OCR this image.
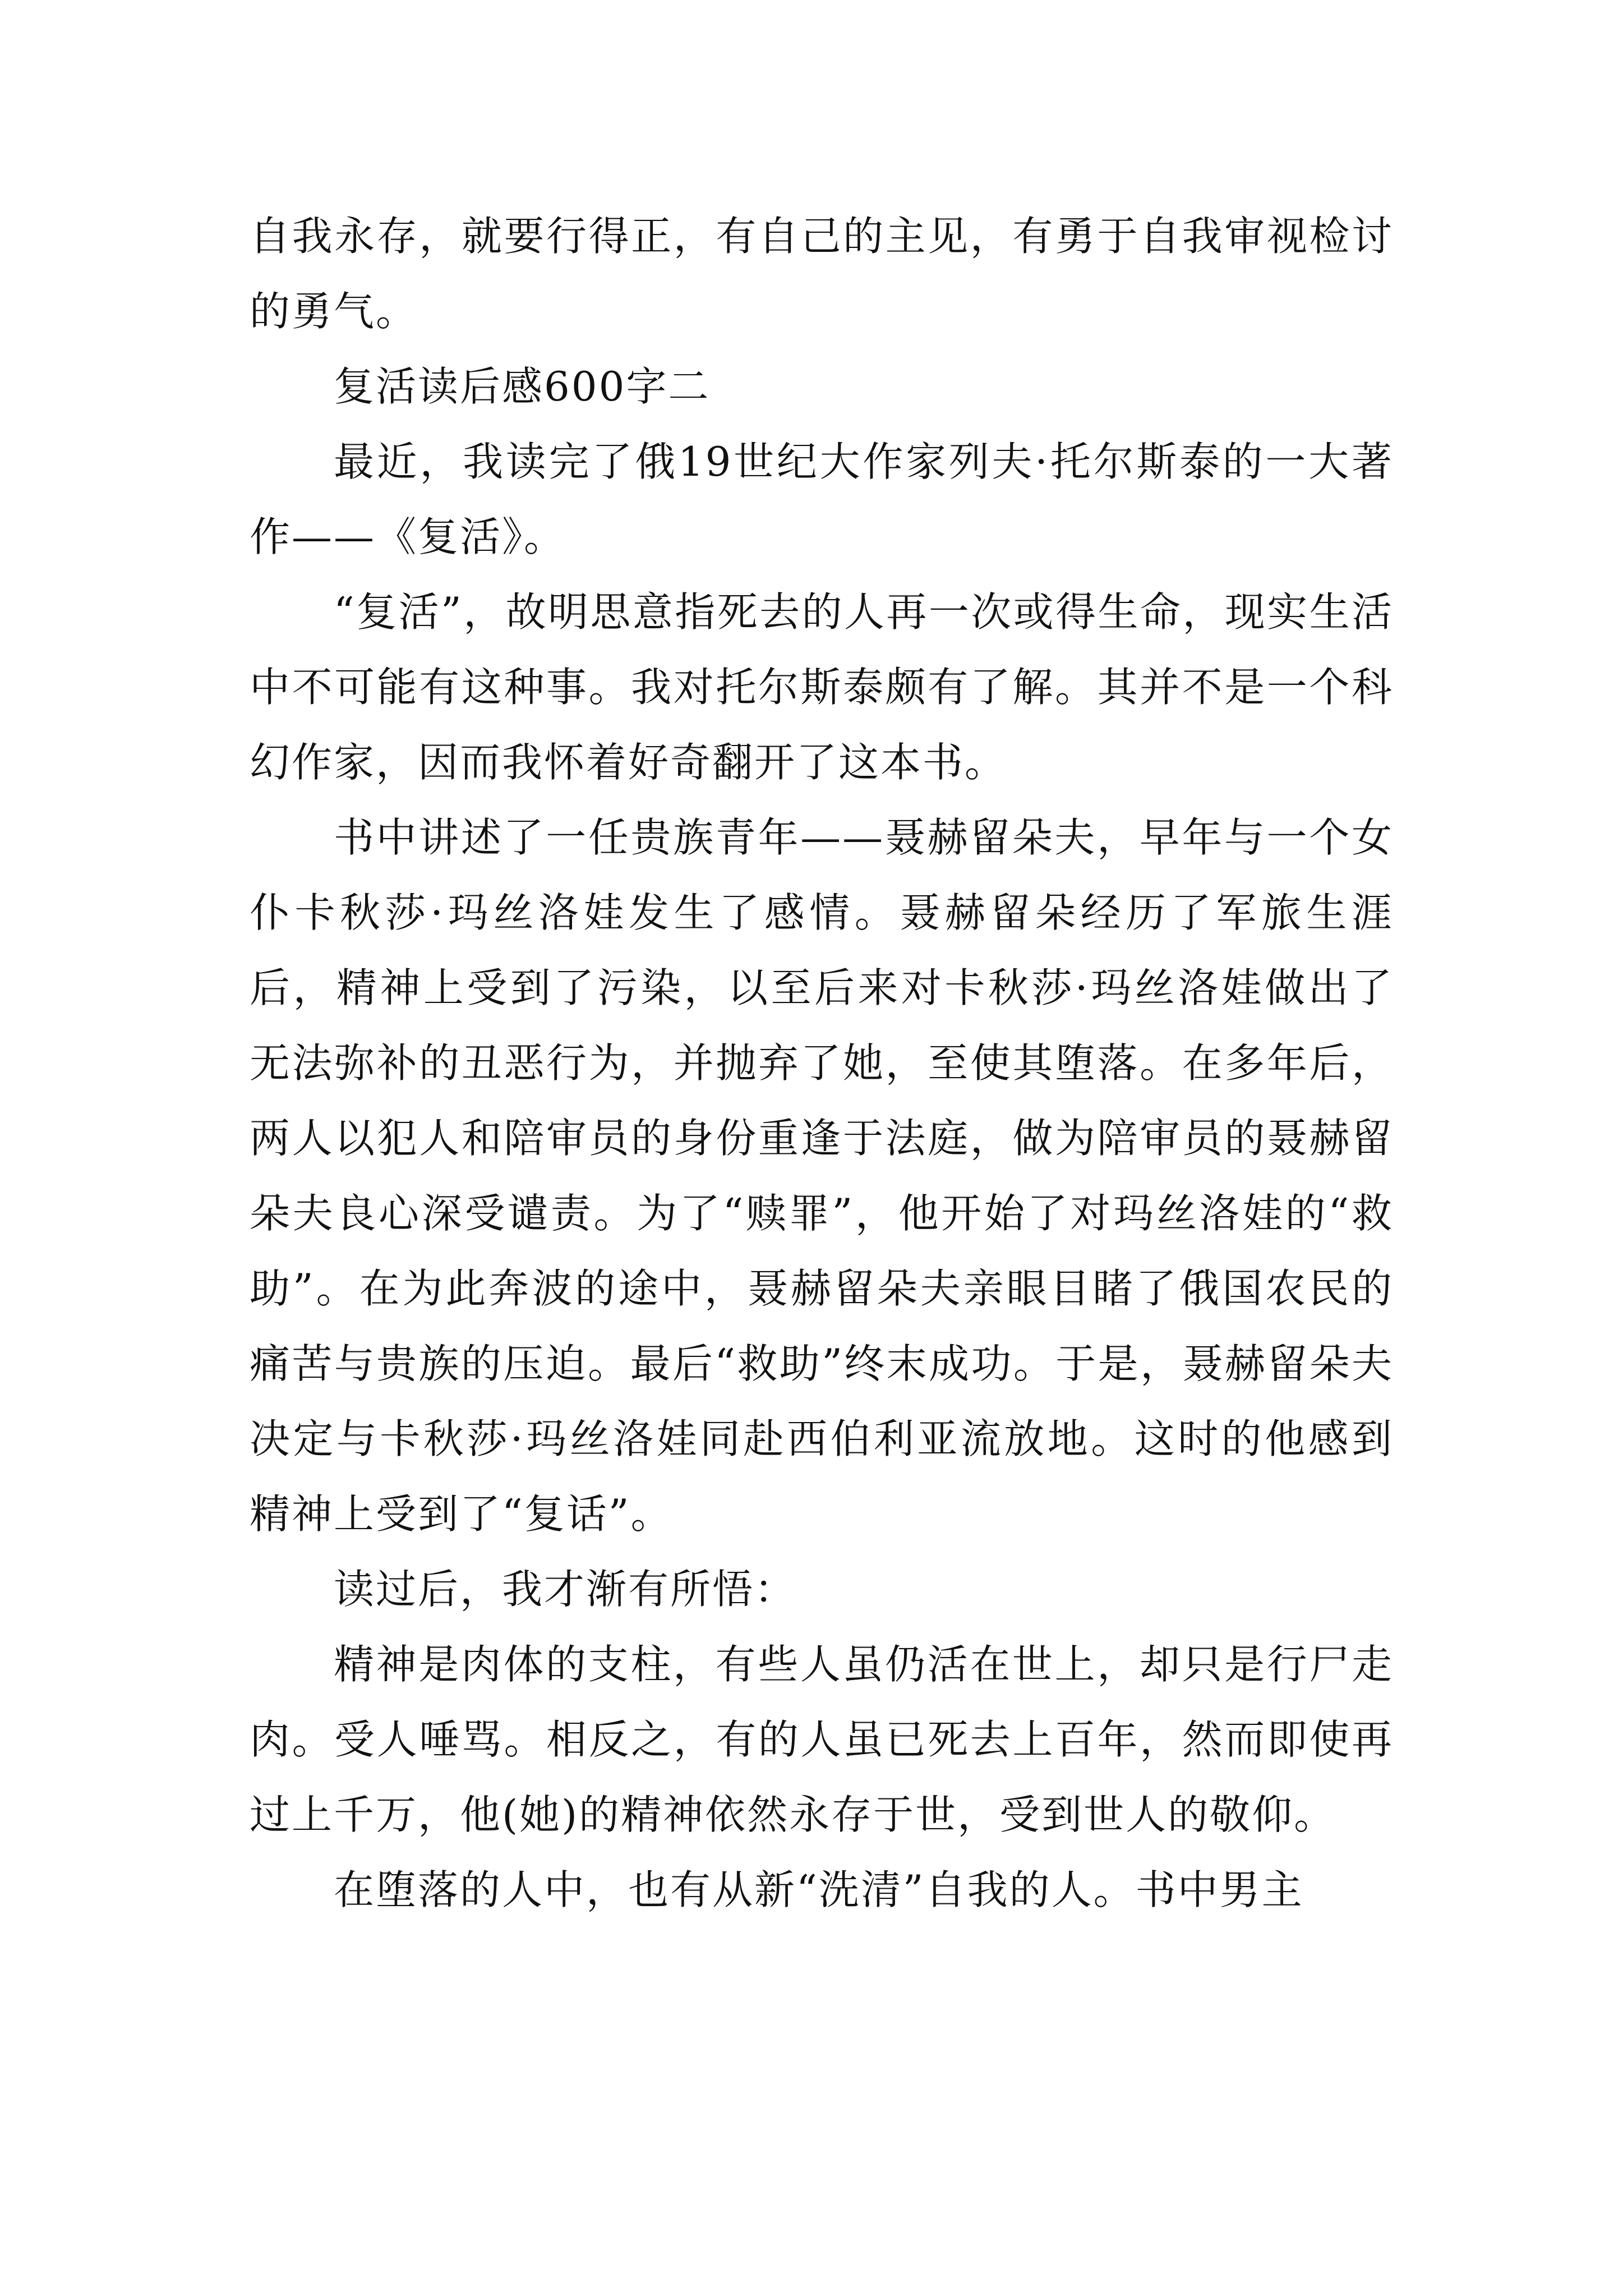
自我永存，就要行得正，有自己的主见，有勇于自我审视检讨的勇气。

复活读后感600字二

最近，我读完了俄19世纪大作家列夫·托尔斯泰的一大著作——《复活》。

“复活”，故明思意指死去的人再一次或得生命，现实生活中不可能有这种事。我对托尔斯泰颇有了解。其并不是一个科幻作家，因而我怀着好奇翻开了这本书。

书中讲述了一任贵族青年——聂赫留朵夫，早年与一个女仆卡秋莎·玛丝洛娃发生了感情。聂赫留朵经历了军旅生涯后，精神上受到了污染，以至后来对卡秋莎·玛丝洛娃做出了无法弥补的丑恶行为，并抛弃了她，至使其堕落。在多年后，两人以犯人和陪审员的身份重逢于法庭，做为陪审员的聂赫留朵夫良心深受谴责。为了“赎罪”，他开始了对玛丝洛娃的“救助”。在为此奔波的途中，聂赫留朵夫亲眼目睹了俄国农民的痛苦与贵族的压迫。最后“救助”终末成功。于是，聂赫留朵夫决定与卡秋莎·玛丝洛娃同赴西伯利亚流放地。这时的他感到精神上受到了“复话”。

读过后，我才渐有所悟：

精神是肉体的支柱，有些人虽仍活在世上，却只是行尸走肉。受人唾骂。相反之，有的人虽已死去上百年，然而即使再过上千万，他(她)的精神依然永存于世，受到世人的敬仰。

在堕落的人中，也有从新“洗清”自我的人。书中男主
